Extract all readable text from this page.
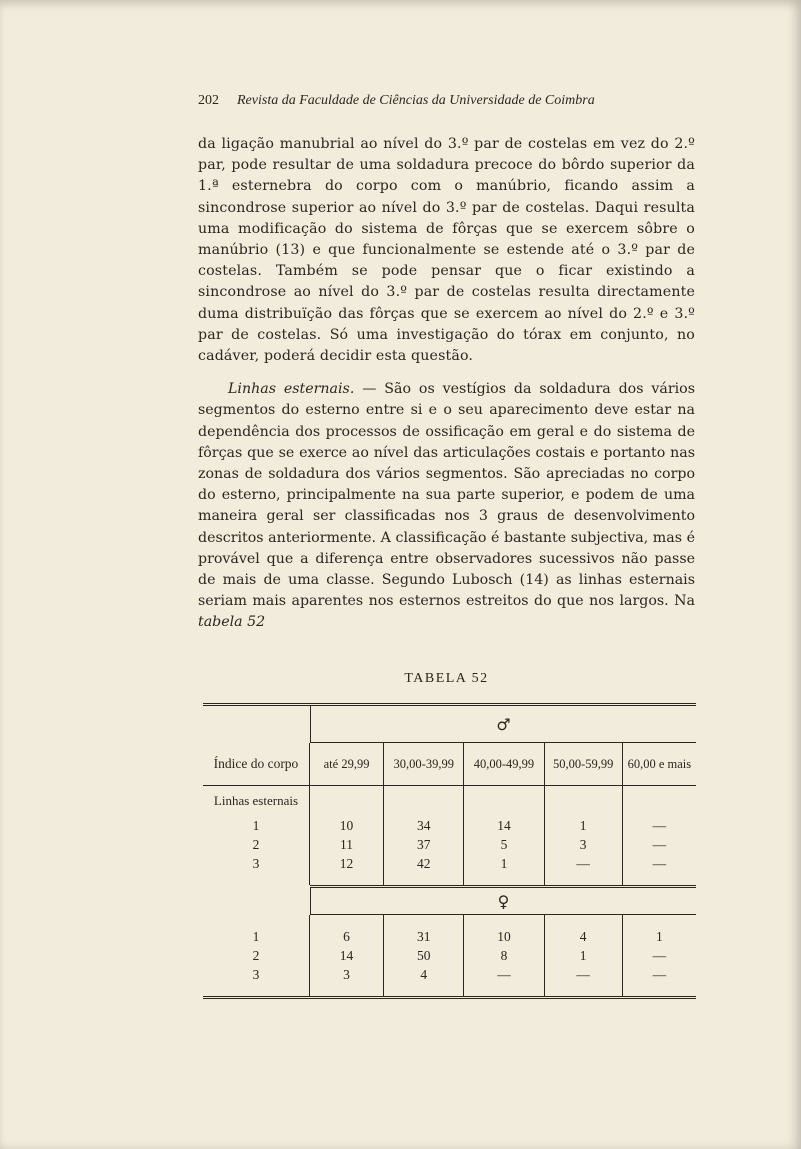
202 Revista da Faculdade de Ciências da Universidade de Coimbra

da ligação manubrial ao nível do 3.º par de costelas em vez do 2.º par, pode resultar de uma soldadura precoce do bôrdo superior da 1.ª esternebra do corpo com o manúbrio, ficando assim a sincondrose superior ao nível do 3.º par de costelas. Daqui resulta uma modificação do sistema de fôrças que se exercem sôbre o manúbrio (13) e que funcionalmente se estende até o 3.º par de costelas. Também se pode pensar que o ficar existindo a sincondrose ao nível do 3.º par de costelas resulta directamente duma distribuïção das fôrças que se exercem ao nível do 2.º e 3.º par de costelas. Só uma investigação do tórax em conjunto, no cadáver, poderá decidir esta questão.

Linhas esternais. — São os vestígios da soldadura dos vários segmentos do esterno entre si e o seu aparecimento deve estar na dependência dos processos de ossificação em geral e do sistema de fôrças que se exerce ao nível das articulações costais e portanto nas zonas de soldadura dos vários segmentos. São apreciadas no corpo do esterno, principalmente na sua parte superior, e podem de uma maneira geral ser classificadas nos 3 graus de desenvolvimento descritos anteriormente. A classificação é bastante subjectiva, mas é provável que a diferença entre observadores sucessivos não passe de mais de uma classe. Segundo Lubosch (14) as linhas esternais seriam mais aparentes nos esternos estreitos do que nos largos. Na tabela 52

TABELA 52
♂
Índice do corpo	até 29,99	30,00-39,99	40,00-49,99	50,00-59,99	60,00 e mais
Linhas esternais
1	10	34	14	1	—
2	11	37	5	3	—
3	12	42	1	—	—
♀
1	6	31	10	4	1
2	14	50	8	1	—
3	3	4	—	—	—
